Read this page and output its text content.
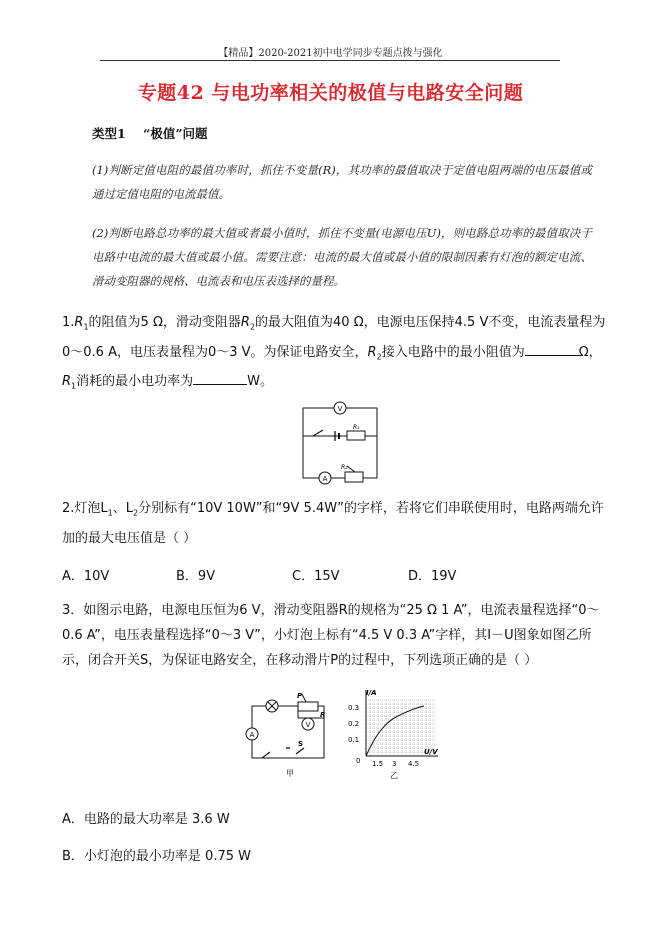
【精品】2020-2021初中电学同步专题点拨与强化
专题42 与电功率相关的极值与电路安全问题
类型1 “极值”问题
(1)判断定值电阻的最值功率时，抓住不变量(R)，其功率的最值取决于定值电阻两端的电压最值或通过定值电阻的电流最值。
(2)判断电路总功率的最大值或者最小值时，抓住不变量(电源电压U)，则电路总功率的最值取决于电路中电流的最大值或最小值。需要注意：电流的最大值或最小值的限制因素有灯泡的额定电流、滑动变阻器的规格、电流表和电压表选择的量程。
$1.R_1$的阻值为5 Ω，滑动变阻器$R_2$的最大阻值为40 Ω，电源电压保持4.5 V不变，电流表量程为0～0.6 A，电压表量程为0～3 V。为保证电路安全，$R_2$接入电路中的最小阻值为	Ω，
$R_1$消耗的最小电功率为	W。
V
A
R₁
R₂
2.灯泡$L_1$、$L_2$分别标有“10V 10W”和“9V 5.4W”的字样，若将它们串联使用时，电路两端允许加的最大电压值是（ ）
A．10V	B．9V	C．15V	D．19V
3．如图示电路，电源电压恒为6 V，滑动变阻器R的规格为“25 Ω 1 A”，电流表量程选择“0～0.6 A”，电压表量程选择“0～3 V”，小灯泡上标有“4.5 V 0.3 A”字样，其I－U图象如图乙所示，闭合开关S，为保证电路安全，在移动滑片P的过程中，下列选项正确的是（ ）
A
V
P
R
S
甲
I/A
U/V
0
0.3
0.2
0.1
1.5 3 4.5
乙
A．电路的最大功率是 3.6 W
B．小灯泡的最小功率是 0.75 W
